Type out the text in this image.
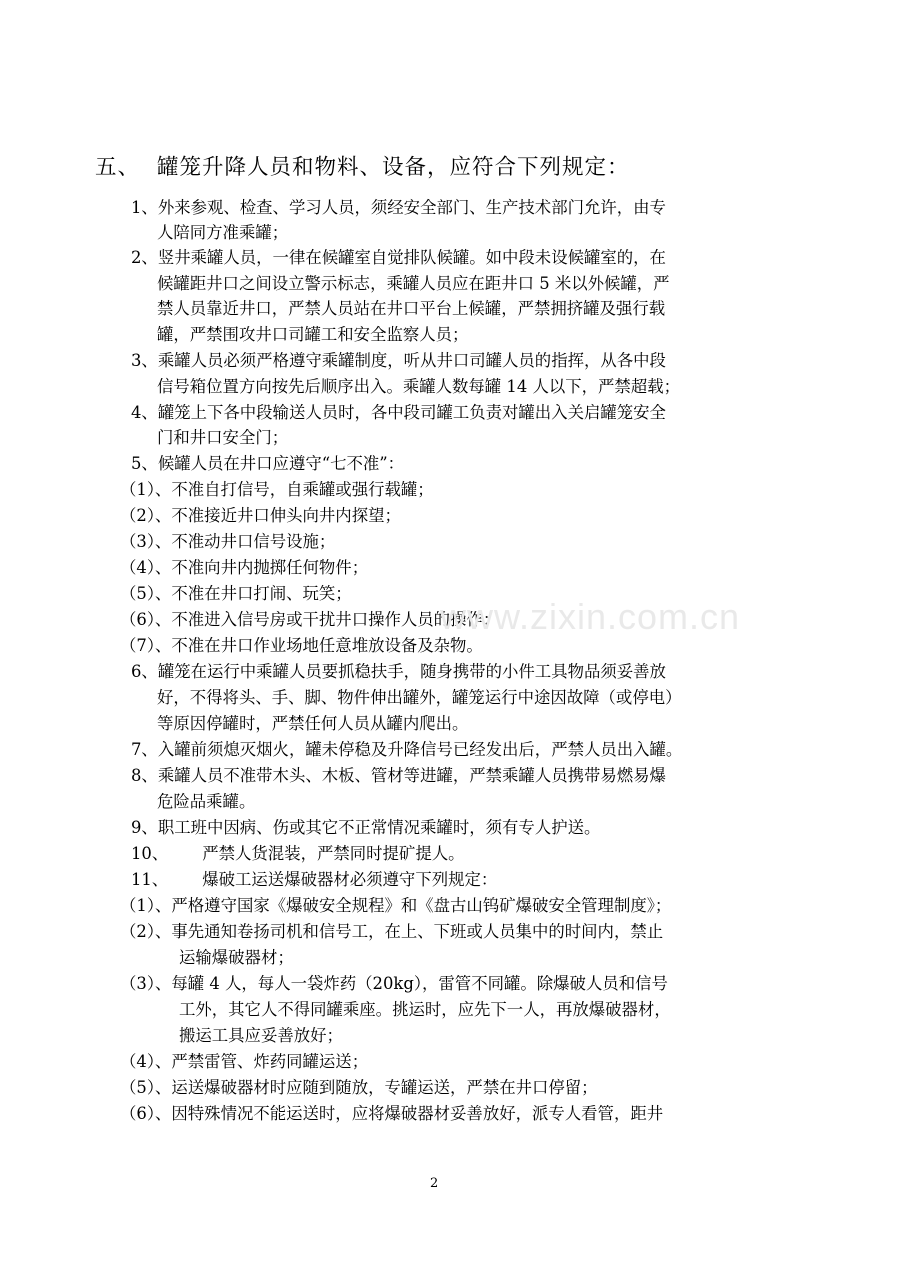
五、 罐笼升降人员和物料、设备，应符合下列规定：
1、外来参观、检查、学习人员，须经安全部门、生产技术部门允许，由专
人陪同方准乘罐；
2、竖井乘罐人员，一律在候罐室自觉排队候罐。如中段未设候罐室的，在
候罐距井口之间设立警示标志，乘罐人员应在距井口 5 米以外候罐，严
禁人员靠近井口，严禁人员站在井口平台上候罐，严禁拥挤罐及强行载
罐，严禁围攻井口司罐工和安全监察人员；
3、乘罐人员必须严格遵守乘罐制度，听从井口司罐人员的指挥，从各中段
信号箱位置方向按先后顺序出入。乘罐人数每罐 14 人以下，严禁超载；
4、罐笼上下各中段输送人员时，各中段司罐工负责对罐出入关启罐笼安全
门和井口安全门；
5、候罐人员在井口应遵守“七不准”：
（1）、不准自打信号，自乘罐或强行载罐；
（2）、不准接近井口伸头向井内探望；
（3）、不准动井口信号设施；
（4）、不准向井内抛掷任何物件；
（5）、不准在井口打闹、玩笑；
（6）、不准进入信号房或干扰井口操作人员的操作；
（7）、不准在井口作业场地任意堆放设备及杂物。
6、罐笼在运行中乘罐人员要抓稳扶手，随身携带的小件工具物品须妥善放
好，不得将头、手、脚、物件伸出罐外，罐笼运行中途因故障（或停电）
等原因停罐时，严禁任何人员从罐内爬出。
7、入罐前须熄灭烟火，罐未停稳及升降信号已经发出后，严禁人员出入罐。
8、乘罐人员不准带木头、木板、管材等进罐，严禁乘罐人员携带易燃易爆
危险品乘罐。
9、职工班中因病、伤或其它不正常情况乘罐时，须有专人护送。
10、 严禁人货混装，严禁同时提矿提人。
11、 爆破工运送爆破器材必须遵守下列规定：
（1）、严格遵守国家《爆破安全规程》和《盘古山钨矿爆破安全管理制度》；
（2）、事先通知卷扬司机和信号工，在上、下班或人员集中的时间内，禁止
运输爆破器材；
（3）、每罐 4 人，每人一袋炸药（20kg），雷管不同罐。除爆破人员和信号
工外，其它人不得同罐乘座。挑运时，应先下一人，再放爆破器材，
搬运工具应妥善放好；
（4）、严禁雷管、炸药同罐运送；
（5）、运送爆破器材时应随到随放，专罐运送，严禁在井口停留；
（6）、因特殊情况不能运送时，应将爆破器材妥善放好，派专人看管，距井
www.zixin.com.cn
2
